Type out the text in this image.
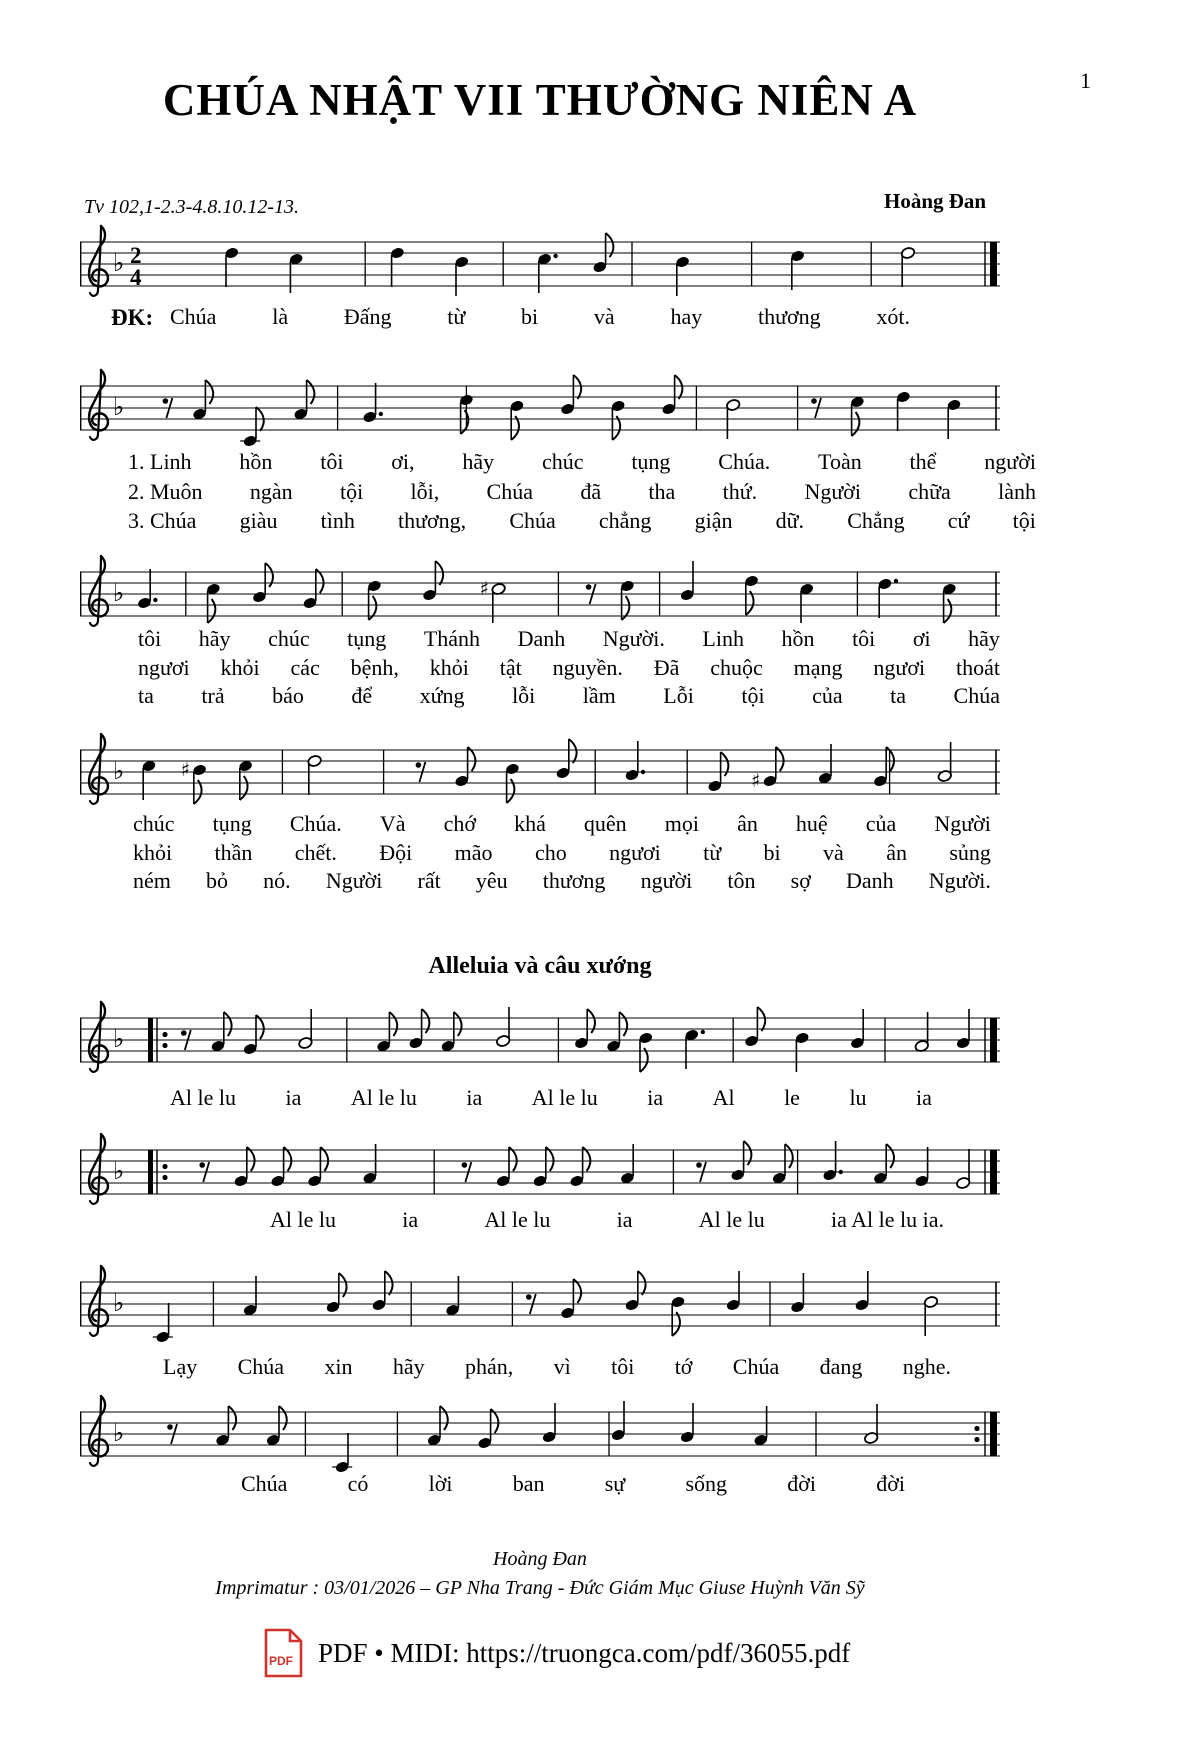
1
CHÚA NHẬT VII THƯỜNG NIÊN A
Tv 102,1-2.3-4.8.10.12-13.	Hoàng Đan
♭ 2
4
ĐK: Chúa	là	Đấng	từ	bi	và	hay	thương	xót.
♭
1. Linh hồn tôi ơi, hãy chúc tụng Chúa. Toàn thể người
2. Muôn ngàn tội lỗi, Chúa đã tha thứ. Người chữa lành
3. Chúa giàu tình thương, Chúa chẳng giận dữ. Chẳng cứ tội
♭	♯
tôi hãy chúc tụng Thánh Danh Người. Linh hồn tôi ơi hãy
ngươi khỏi các bệnh, khỏi tật nguyền. Đã chuộc mạng ngươi thoát
ta trả báo để xứng lỗi lầm Lỗi tội của ta Chúa
♭	♯	♯
chúc tụng Chúa. Và chớ khá quên mọi ân huệ của Người
khỏi thần chết. Đội mão cho ngươi từ bi và ân sủng
ném bỏ nó. Người rất yêu thương người tôn sợ Danh Người.
Alleluia và câu xướng
♭
Al le lu ia Al le lu ia Al le lu ia Al le lu ia
♭
Al le lu	ia	Al le lu	ia	Al le lu	ia Al le lu ia.
♭
Lạy Chúa xin hãy phán, vì tôi tớ Chúa đang nghe.
♭
Chúa	có	lời	ban	sự	sống	đời	đời
Hoàng Đan
Imprimatur : 03/01/2026 – GP Nha Trang - Đức Giám Mục Giuse Huỳnh Văn Sỹ
PDF PDF • MIDI: https://truongca.com/pdf/36055.pdf
